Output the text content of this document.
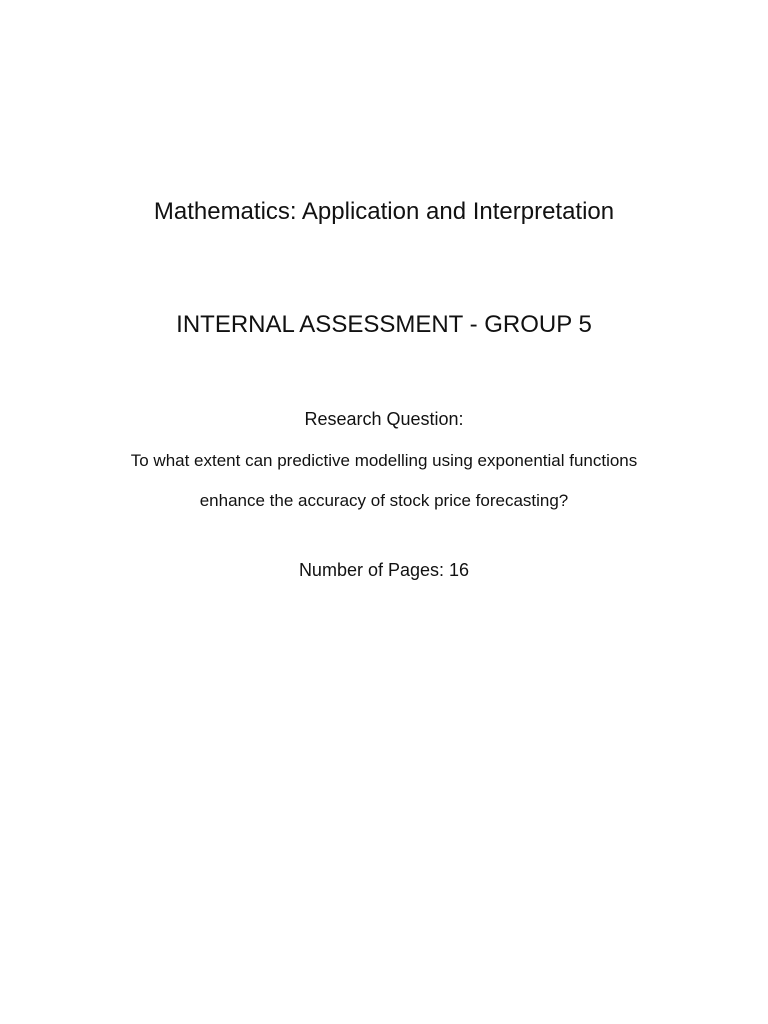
Mathematics: Application and Interpretation
INTERNAL ASSESSMENT - GROUP 5
Research Question:
To what extent can predictive modelling using exponential functions
enhance the accuracy of stock price forecasting?
Number of Pages: 16
